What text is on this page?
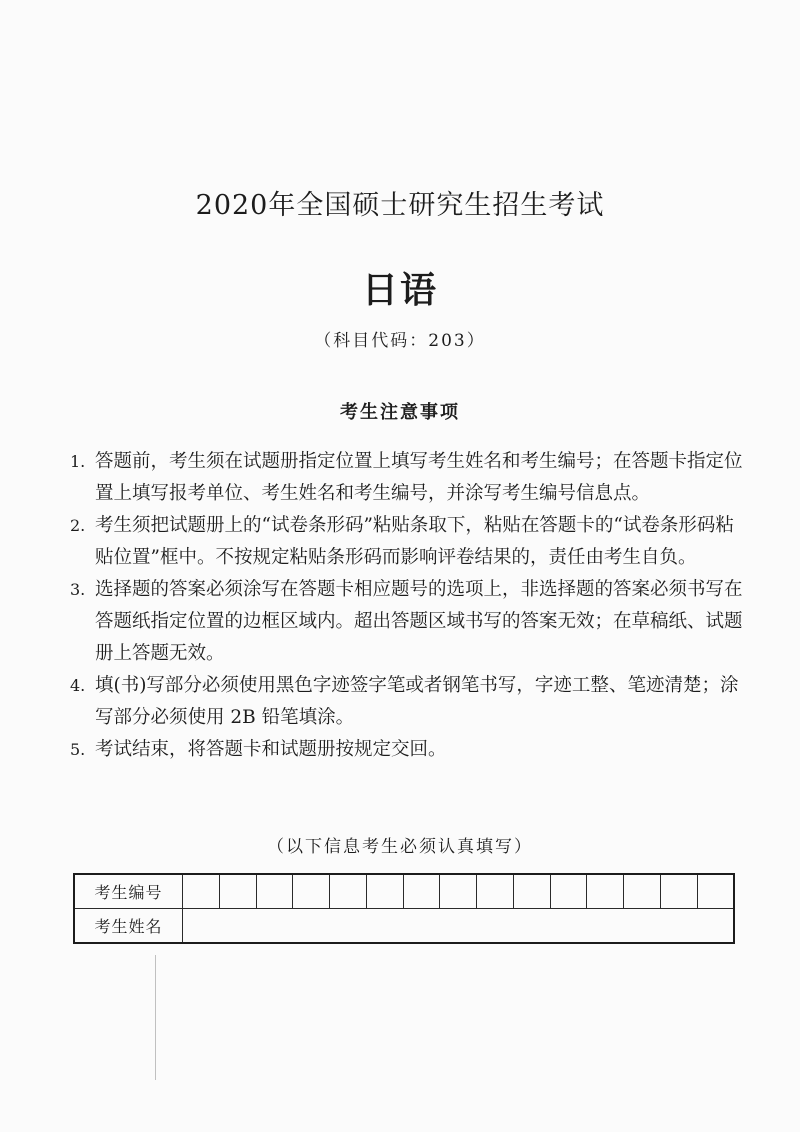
2020年全国硕士研究生招生考试
日语
（科目代码：203）
考生注意事项
1. 答题前，考生须在试题册指定位置上填写考生姓名和考生编号；在答题卡指定位置上填写报考单位、考生姓名和考生编号，并涂写考生编号信息点。
2. 考生须把试题册上的“试卷条形码”粘贴条取下，粘贴在答题卡的“试卷条形码粘贴位置”框中。不按规定粘贴条形码而影响评卷结果的，责任由考生自负。
3. 选择题的答案必须涂写在答题卡相应题号的选项上，非选择题的答案必须书写在答题纸指定位置的边框区域内。超出答题区域书写的答案无效；在草稿纸、试题册上答题无效。
4. 填(书)写部分必须使用黑色字迹签字笔或者钢笔书写，字迹工整、笔迹清楚；涂写部分必须使用 2B 铅笔填涂。
5. 考试结束，将答题卡和试题册按规定交回。
（以下信息考生必须认真填写）
考生编号															
考生姓名															
